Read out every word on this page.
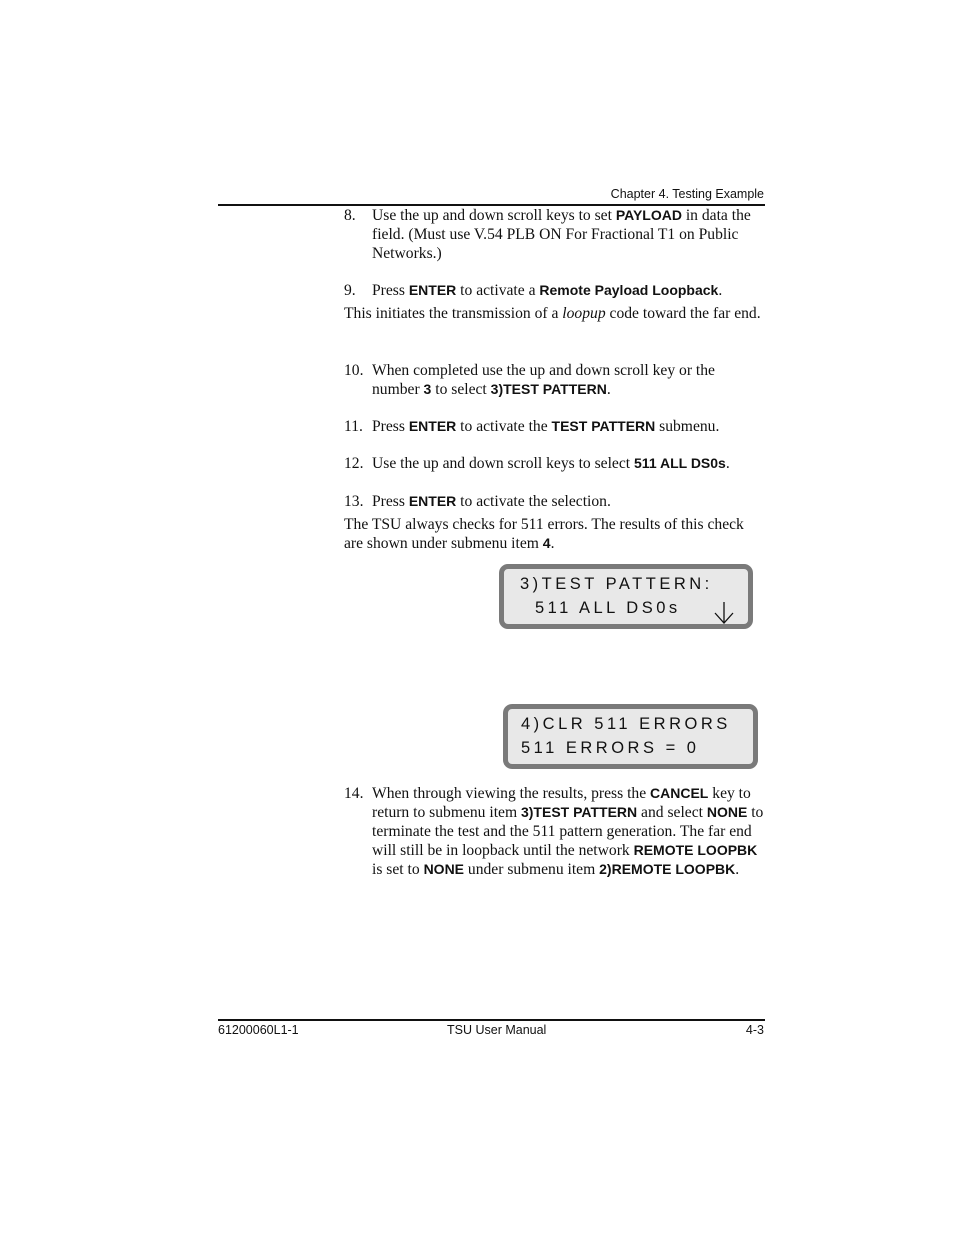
Chapter 4. Testing Example
8. Use the up and down scroll keys to set PAYLOAD in data the field. (Must use V.54 PLB ON For Fractional T1 on Public Networks.)
9. Press ENTER to activate a Remote Payload Loopback.
This initiates the transmission of a loopup code toward the far end.
10. When completed use the up and down scroll key or the number 3 to select 3)TEST PATTERN.
11. Press ENTER to activate the TEST PATTERN submenu.
12. Use the up and down scroll keys to select 511 ALL DS0s.
13. Press ENTER to activate the selection.
The TSU always checks for 511 errors. The results of this check are shown under submenu item 4.
3)TEST PATTERN:
511 ALL DS0s
4)CLR 511 ERRORS
511 ERRORS = 0
14. When through viewing the results, press the CANCEL key to return to submenu item 3)TEST PATTERN and select NONE to terminate the test and the 511 pattern generation. The far end will still be in loopback until the network REMOTE LOOPBK is set to NONE under submenu item 2)REMOTE LOOPBK.
61200060L1-1	TSU User Manual	4-3
